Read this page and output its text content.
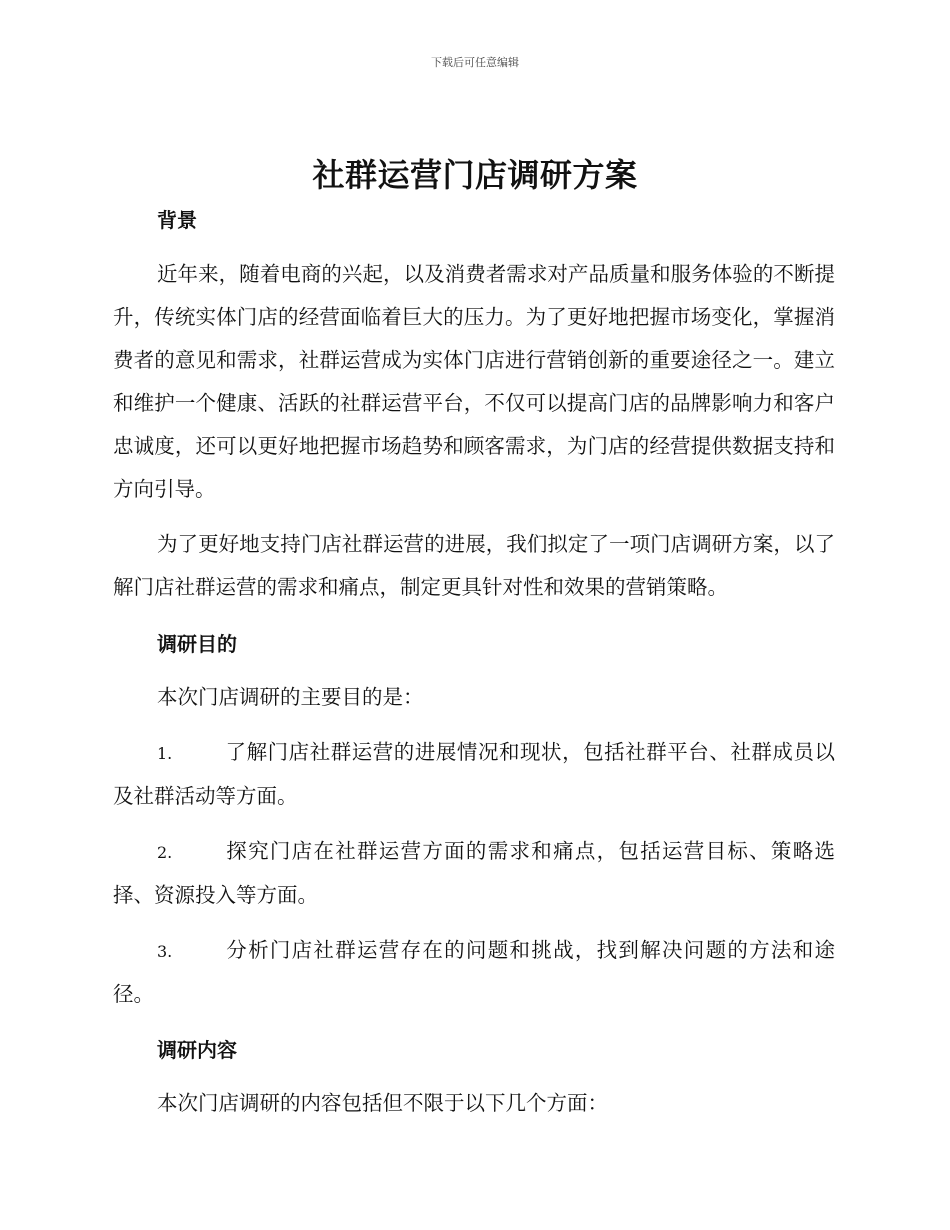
下载后可任意编辑
社群运营门店调研方案
背景

近年来，随着电商的兴起，以及消费者需求对产品质量和服务体验的不断提升，传统实体门店的经营面临着巨大的压力。为了更好地把握市场变化，掌握消费者的意见和需求，社群运营成为实体门店进行营销创新的重要途径之一。建立和维护一个健康、活跃的社群运营平台，不仅可以提高门店的品牌影响力和客户忠诚度，还可以更好地把握市场趋势和顾客需求，为门店的经营提供数据支持和方向引导。

为了更好地支持门店社群运营的进展，我们拟定了一项门店调研方案，以了解门店社群运营的需求和痛点，制定更具针对性和效果的营销策略。

调研目的

本次门店调研的主要目的是：

1.	了解门店社群运营的进展情况和现状，包括社群平台、社群成员以及社群活动等方面。

2.	探究门店在社群运营方面的需求和痛点，包括运营目标、策略选择、资源投入等方面。

3.	分析门店社群运营存在的问题和挑战，找到解决问题的方法和途径。

调研内容

本次门店调研的内容包括但不限于以下几个方面：
